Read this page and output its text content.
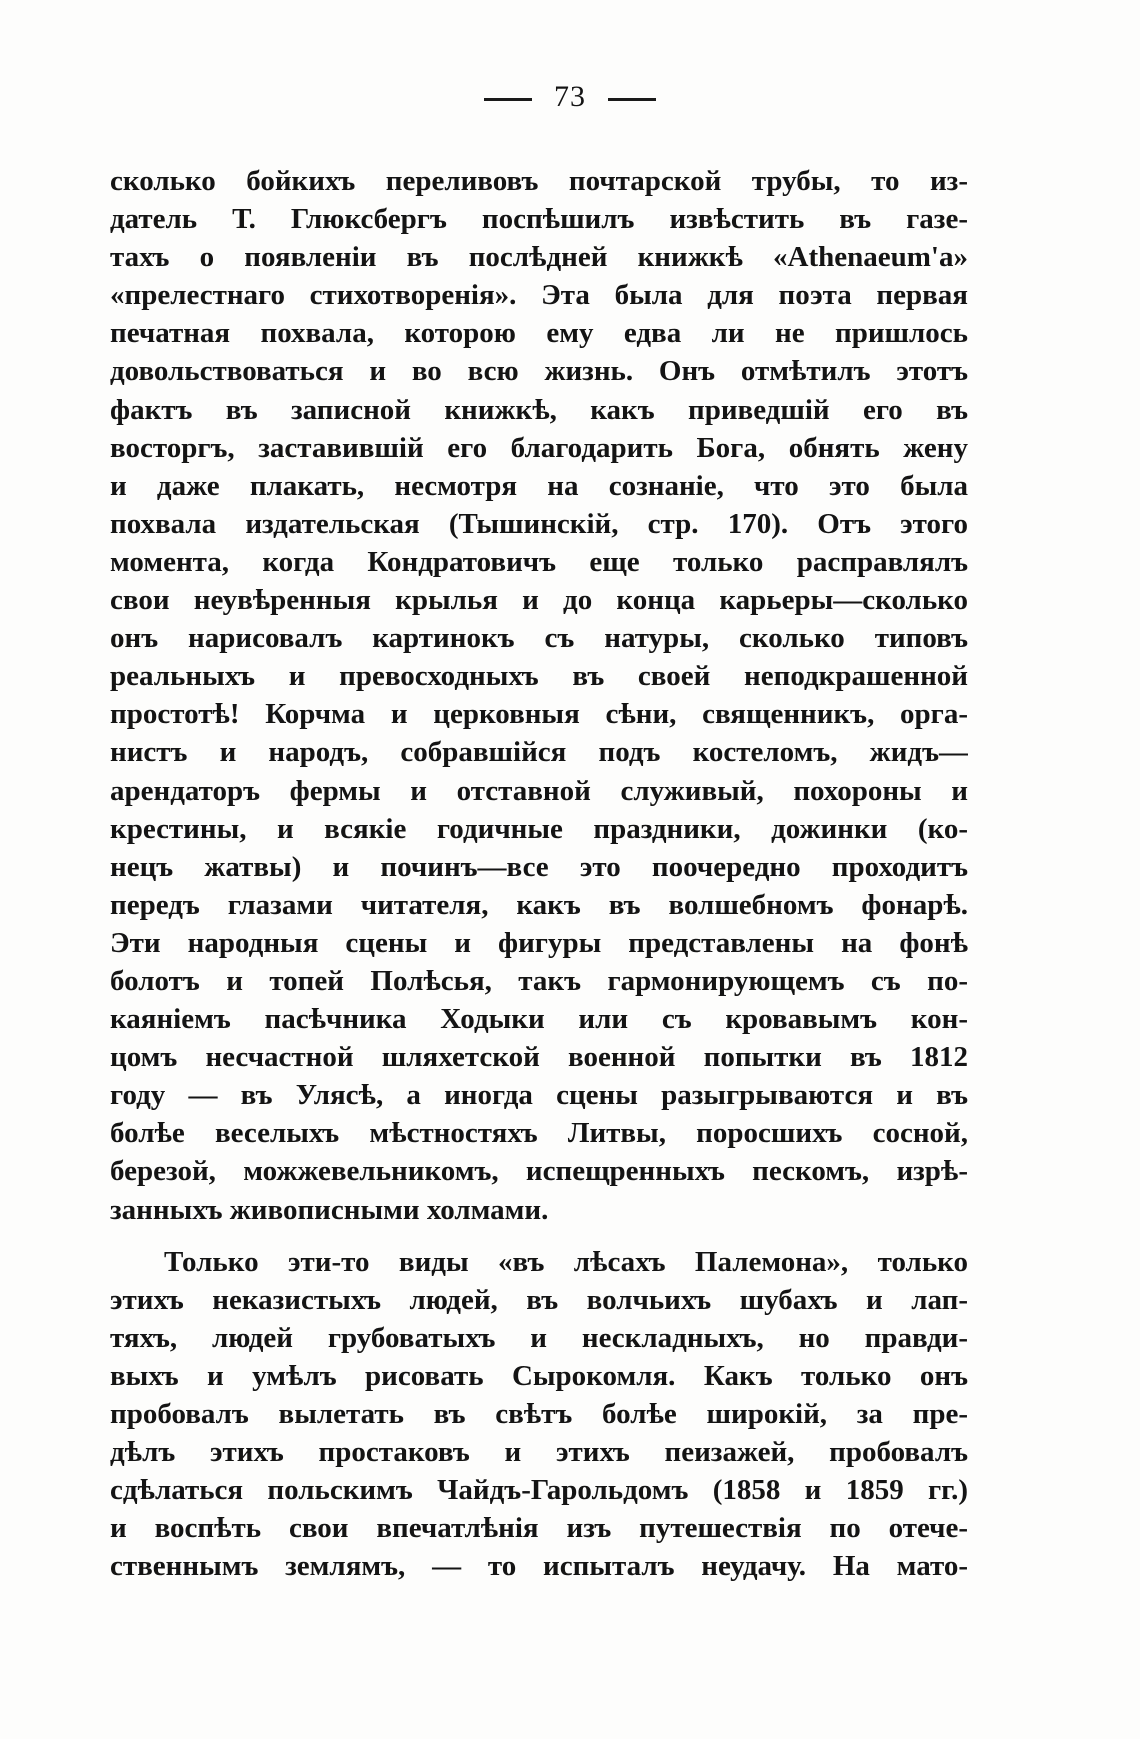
73
сколько бойкихъ переливовъ почтарской трубы, то из-
датель Т. Глюксбергъ поспѣшилъ извѣстить въ газе-
тахъ о появленіи въ послѣдней книжкѣ «Athenaeum'a»
«прелестнаго стихотворенія». Эта была для поэта первая
печатная похвала, которою ему едва ли не пришлось
довольствоваться и во всю жизнь. Онъ отмѣтилъ этотъ
фактъ въ записной книжкѣ, какъ приведшій его въ
восторгъ, заставившій его благодарить Бога, обнять жену
и даже плакать, несмотря на сознаніе, что это была
похвала издательская (Тышинскій, стр. 170). Отъ этого
момента, когда Кондратовичъ еще только расправлялъ
свои неувѣренныя крылья и до конца карьеры—сколько
онъ нарисовалъ картинокъ съ натуры, сколько типовъ
реальныхъ и превосходныхъ въ своей неподкрашенной
простотѣ! Корчма и церковныя сѣни, священникъ, орга-
нистъ и народъ, собравшійся подъ костеломъ, жидъ—
арендаторъ фермы и отставной служивый, похороны и
крестины, и всякіе годичные праздники, дожинки (ко-
нецъ жатвы) и починъ—все это поочередно проходитъ
передъ глазами читателя, какъ въ волшебномъ фонарѣ.
Эти народныя сцены и фигуры представлены на фонѣ
болотъ и топей Полѣсья, такъ гармонирующемъ съ по-
каяніемъ пасѣчника Ходыки или съ кровавымъ кон-
цомъ несчастной шляхетской военной попытки въ 1812
году — въ Улясѣ, а иногда сцены разыгрываются и въ
болѣе веселыхъ мѣстностяхъ Литвы, поросшихъ сосной,
березой, можжевельникомъ, испещренныхъ пескомъ, изрѣ-
занныхъ живописными холмами.
Только эти-то виды «въ лѣсахъ Палемона», только
этихъ неказистыхъ людей, въ волчьихъ шубахъ и лап-
тяхъ, людей грубоватыхъ и нескладныхъ, но правди-
выхъ и умѣлъ рисовать Сырокомля. Какъ только онъ
пробовалъ вылетать въ свѣтъ болѣе широкій, за пре-
дѣлъ этихъ простаковъ и этихъ пеизажей, пробовалъ
сдѣлаться польскимъ Чайдъ-Гарольдомъ (1858 и 1859 гг.)
и воспѣть свои впечатлѣнія изъ путешествія по отече-
ственнымъ землямъ, — то испыталъ неудачу. На мато-
